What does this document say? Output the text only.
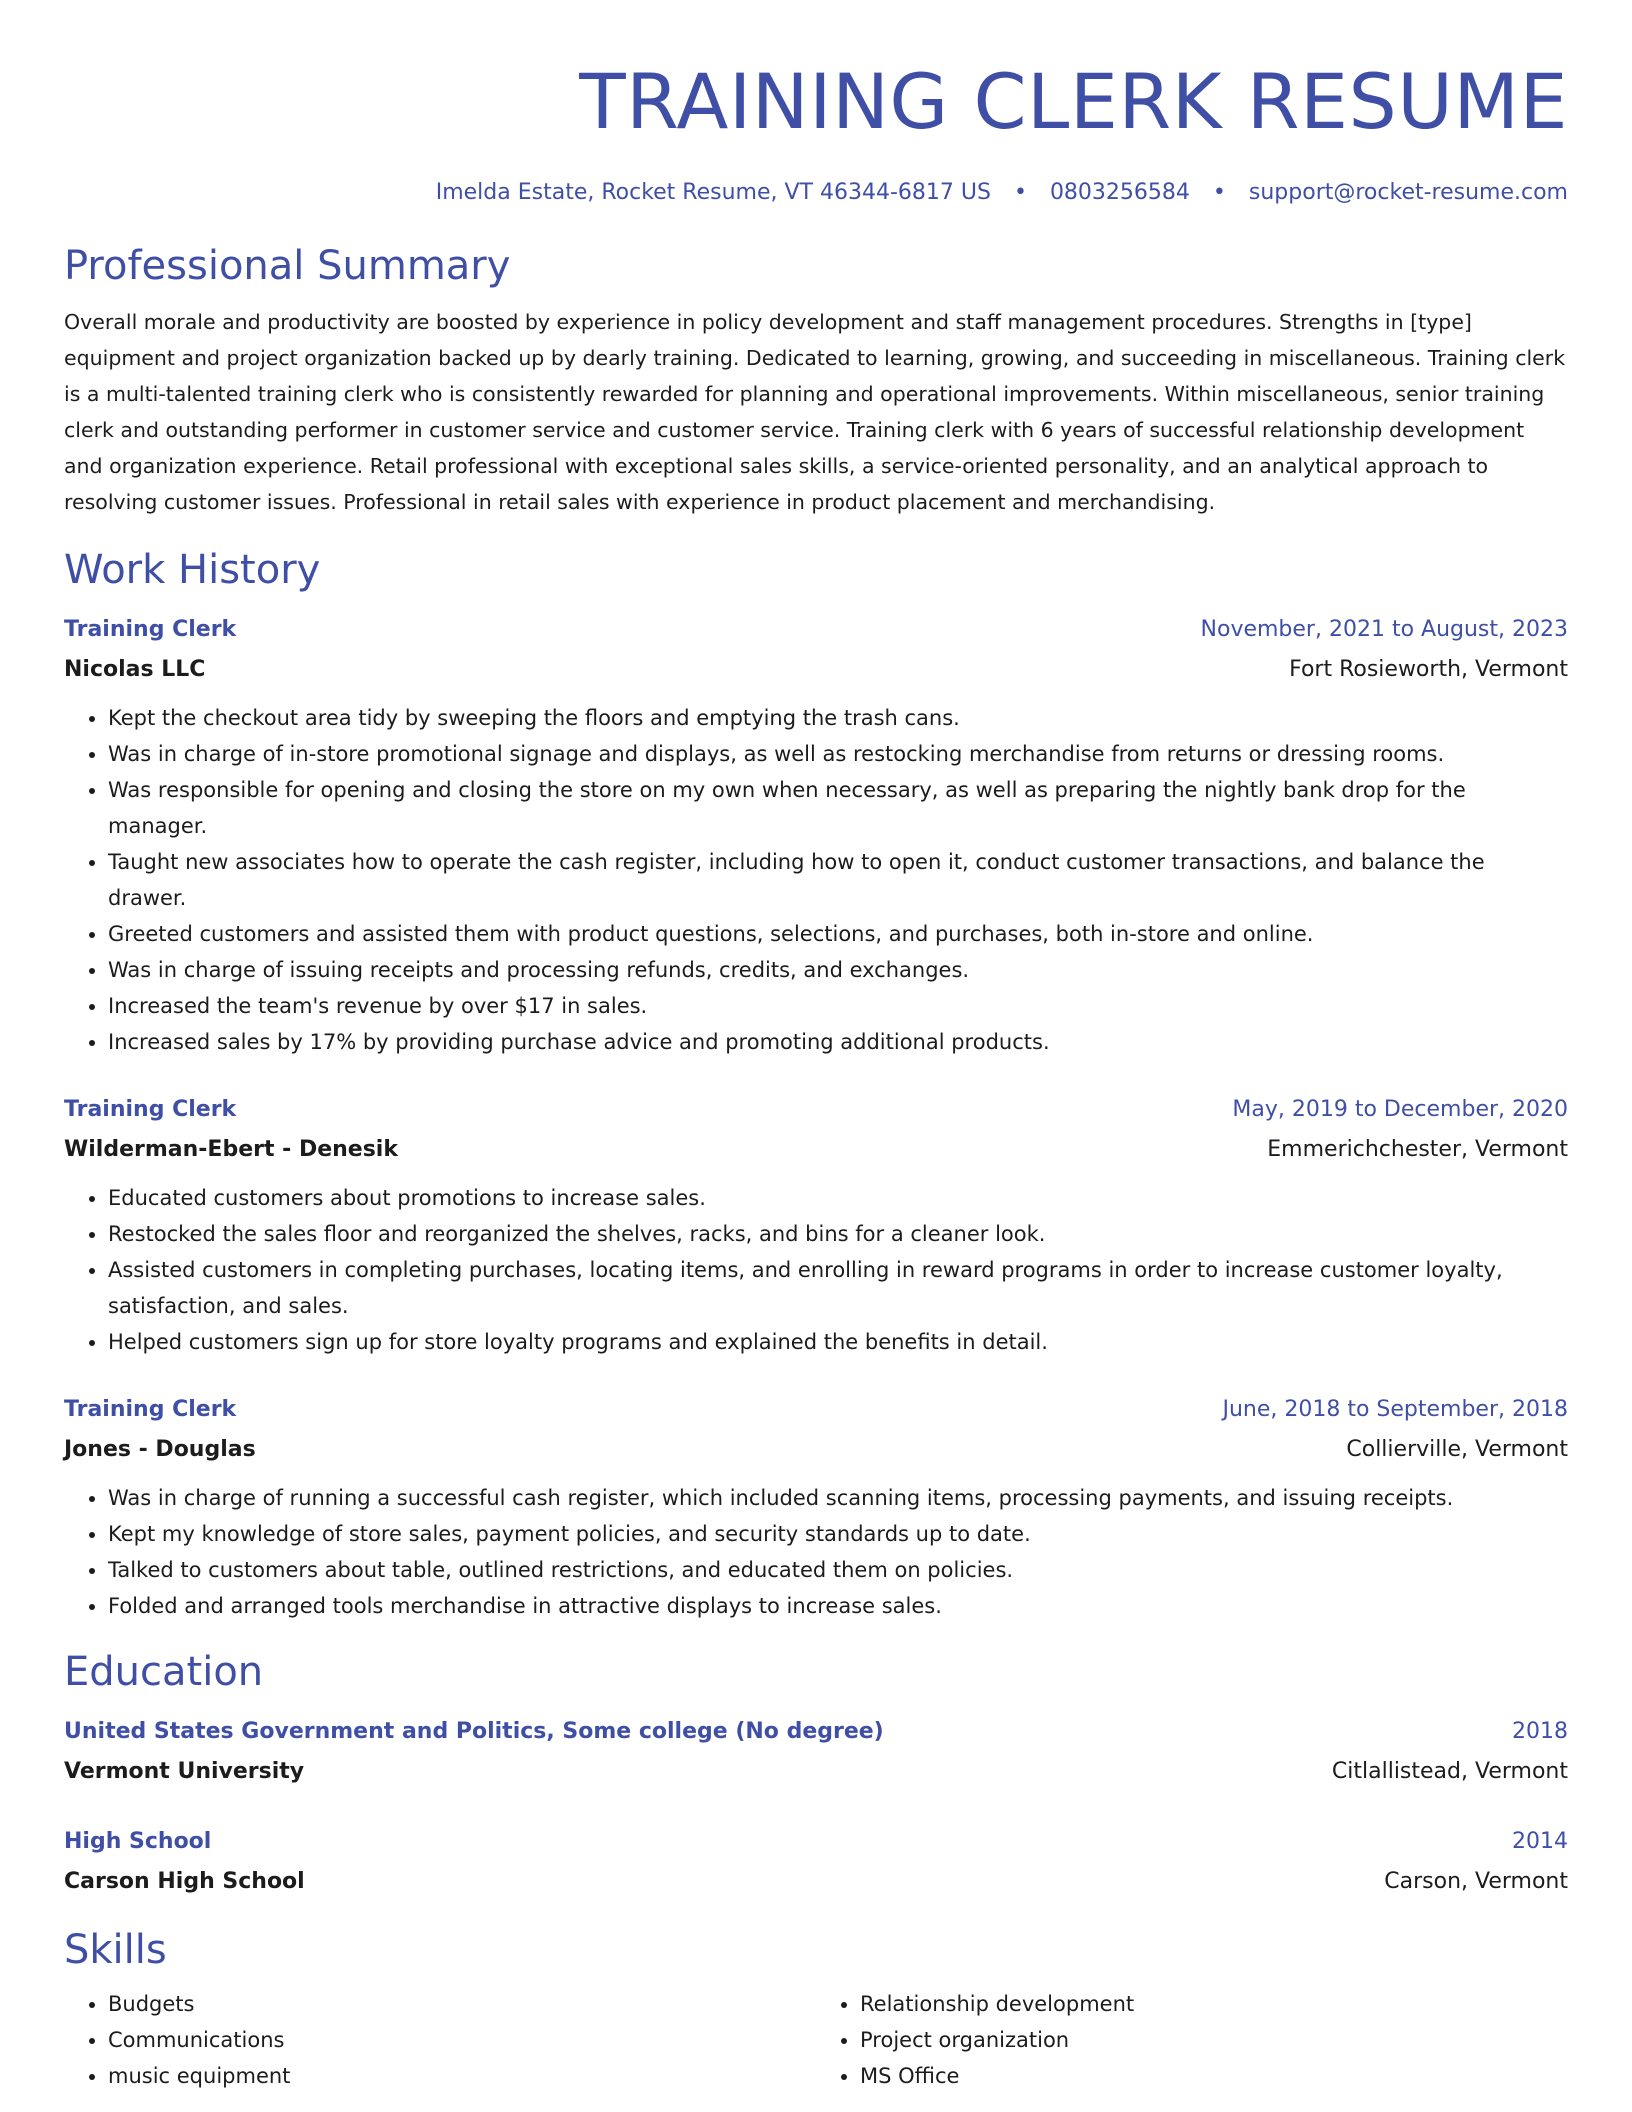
TRAINING CLERK RESUME
Imelda Estate, Rocket Resume, VT 46344-6817 US • 0803256584 • support@rocket-resume.com
Professional Summary
Overall morale and productivity are boosted by experience in policy development and staff management procedures. Strengths in [type] equipment and project organization backed up by dearly training. Dedicated to learning, growing, and succeeding in miscellaneous. Training clerk is a multi-talented training clerk who is consistently rewarded for planning and operational improvements. Within miscellaneous, senior training clerk and outstanding performer in customer service and customer service. Training clerk with 6 years of successful relationship development and organization experience. Retail professional with exceptional sales skills, a service-oriented personality, and an analytical approach to resolving customer issues. Professional in retail sales with experience in product placement and merchandising.
Work History
Training Clerk	November, 2021 to August, 2023
Nicolas LLC	Fort Rosieworth, Vermont
• Kept the checkout area tidy by sweeping the floors and emptying the trash cans.
• Was in charge of in-store promotional signage and displays, as well as restocking merchandise from returns or dressing rooms.
• Was responsible for opening and closing the store on my own when necessary, as well as preparing the nightly bank drop for the manager.
• Taught new associates how to operate the cash register, including how to open it, conduct customer transactions, and balance the drawer.
• Greeted customers and assisted them with product questions, selections, and purchases, both in-store and online.
• Was in charge of issuing receipts and processing refunds, credits, and exchanges.
• Increased the team's revenue by over $17 in sales.
• Increased sales by 17% by providing purchase advice and promoting additional products.
Training Clerk	May, 2019 to December, 2020
Wilderman-Ebert - Denesik	Emmerichchester, Vermont
• Educated customers about promotions to increase sales.
• Restocked the sales floor and reorganized the shelves, racks, and bins for a cleaner look.
• Assisted customers in completing purchases, locating items, and enrolling in reward programs in order to increase customer loyalty, satisfaction, and sales.
• Helped customers sign up for store loyalty programs and explained the benefits in detail.
Training Clerk	June, 2018 to September, 2018
Jones - Douglas	Collierville, Vermont
• Was in charge of running a successful cash register, which included scanning items, processing payments, and issuing receipts.
• Kept my knowledge of store sales, payment policies, and security standards up to date.
• Talked to customers about table, outlined restrictions, and educated them on policies.
• Folded and arranged tools merchandise in attractive displays to increase sales.
Education
United States Government and Politics, Some college (No degree)	2018
Vermont University	Citlallistead, Vermont
High School	2014
Carson High School	Carson, Vermont
Skills
• Budgets
• Communications
• music equipment
• Relationship development
• Project organization
• MS Office
